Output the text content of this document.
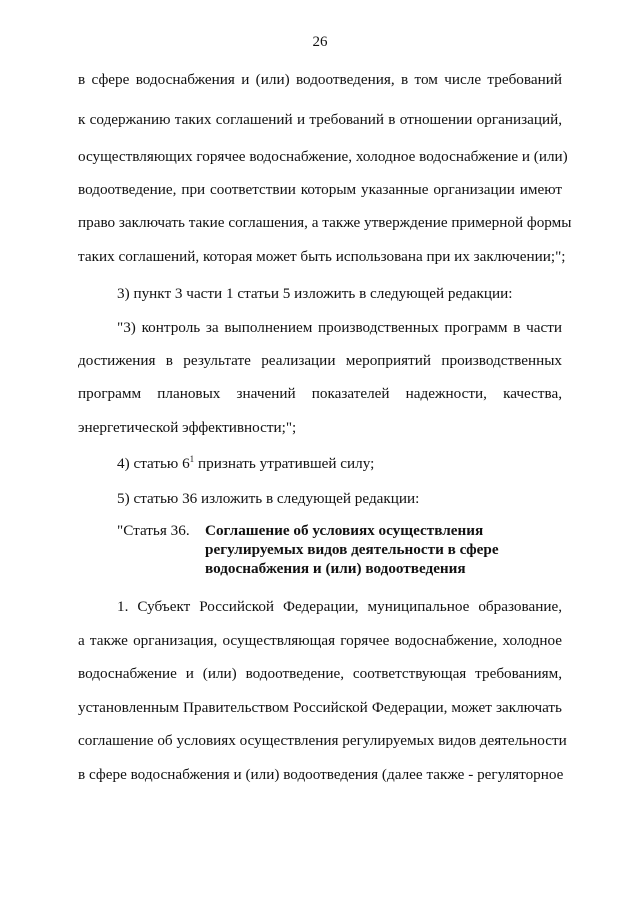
26
в сфере водоснабжения и (или) водоотведения, в том числе требований
к содержанию таких соглашений и требований в отношении организаций,
осуществляющих горячее водоснабжение, холодное водоснабжение и (или)
водоотведение, при соответствии которым указанные организации имеют
право заключать такие соглашения, а также утверждение примерной формы
таких соглашений, которая может быть использована при их заключении;";
3) пункт 3 части 1 статьи 5 изложить в следующей редакции:
"3) контроль за выполнением производственных программ в части
достижения в результате реализации мероприятий производственных
программ плановых значений показателей надежности, качества,
энергетической эффективности;";
4) статью $6^1$ признать утратившей силу;
5) статью 36 изложить в следующей редакции:
"Статья 36. Соглашение об условиях осуществления
регулируемых видов деятельности в сфере
водоснабжения и (или) водоотведения
1. Субъект Российской Федерации, муниципальное образование,
а также организация, осуществляющая горячее водоснабжение, холодное
водоснабжение и (или) водоотведение, соответствующая требованиям,
установленным Правительством Российской Федерации, может заключать
соглашение об условиях осуществления регулируемых видов деятельности
в сфере водоснабжения и (или) водоотведения (далее также - регуляторное
